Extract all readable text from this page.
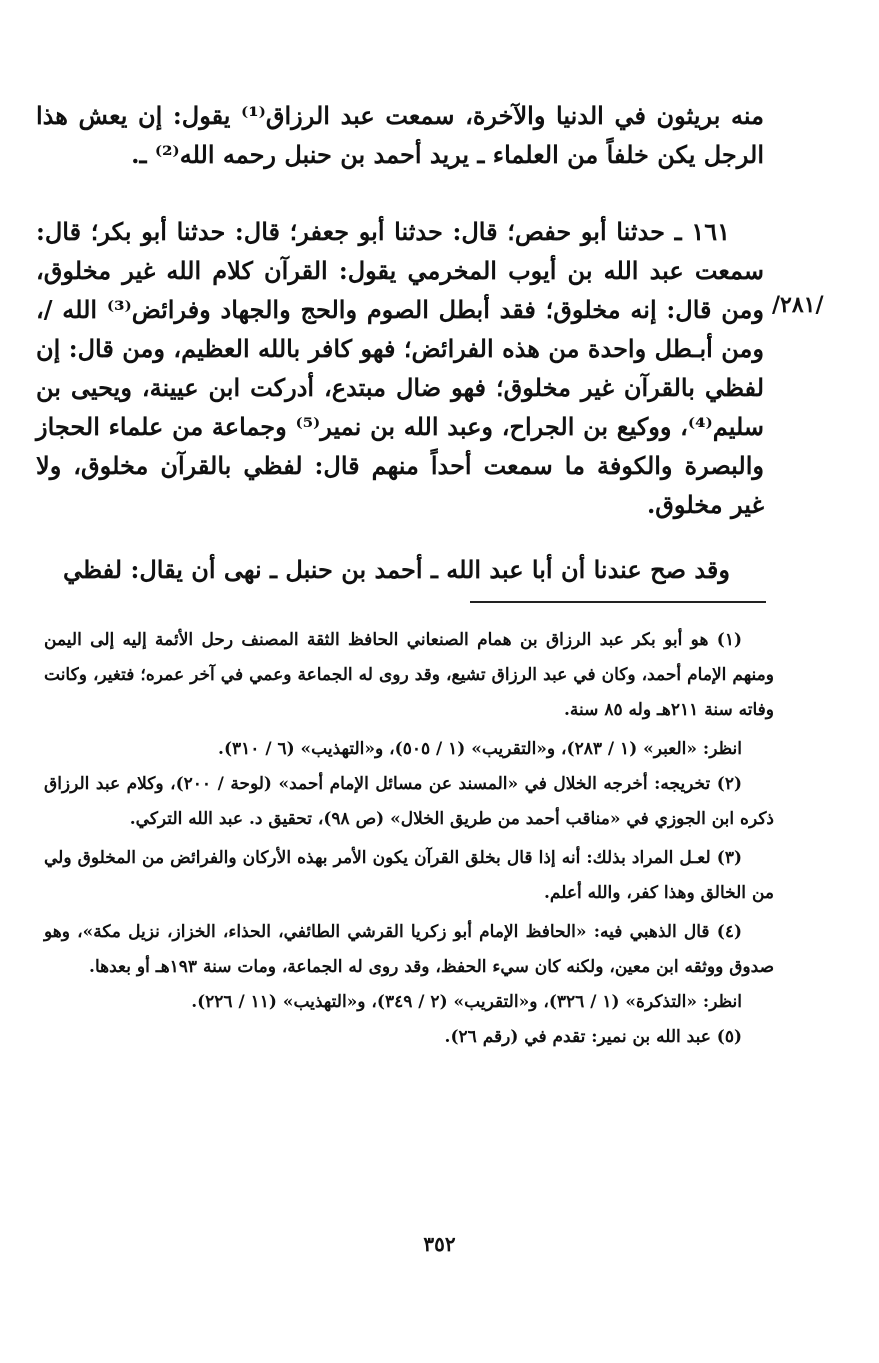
منه بريثون في الدنيا والآخرة، سمعت عبد الرزاق⁽¹⁾ يقول: إن يعش هذا الرجل يكن خلفاً من العلماء ـ يريد أحمد بن حنبل رحمه الله⁽²⁾ ـ.

١٦١ ـ حدثنا أبو حفص؛ قال: حدثنا أبو جعفر؛ قال: حدثنا أبو بكر؛ قال: سمعت عبد الله بن أيوب المخرمي يقول: القرآن كلام الله غير مخلوق، ومن قال: إنه مخلوق؛ فقد أبطل الصوم والحج والجهاد وفرائض⁽³⁾ الله /، ومن أبـطل واحدة من هذه الفرائض؛ فهو كافر بالله العظيم، ومن قال: إن لفظي بالقرآن غير مخلوق؛ فهو ضال مبتدع، أدركت ابن عيينة، ويحيى بن سليم⁽⁴⁾، ووكيع بن الجراح، وعبد الله بن نمير⁽⁵⁾ وجماعة من علماء الحجاز والبصرة والكوفة ما سمعت أحداً منهم قال: لفظي بالقرآن مخلوق، ولا غير مخلوق.

/٢٨١/

وقد صح عندنا أن أبا عبد الله ـ أحمد بن حنبل ـ نهى أن يقال: لفظي

(١) هو أبو بكر عبد الرزاق بن همام الصنعاني الحافظ الثقة المصنف رحل الأئمة إليه إلى اليمن ومنهم الإمام أحمد، وكان في عبد الرزاق تشيع، وقد روى له الجماعة وعمي في آخر عمره؛ فتغير، وكانت وفاته سنة ٢١١هـ وله ٨٥ سنة.

انظر: «العبر» (١ / ٢٨٣)، و«التقريب» (١ / ٥٠٥)، و«التهذيب» (٦ / ٣١٠).

(٢) تخريجه: أخرجه الخلال في «المسند عن مسائل الإمام أحمد» (لوحة / ٢٠٠)، وكلام عبد الرزاق ذكره ابن الجوزي في «مناقب أحمد من طريق الخلال» (ص ٩٨)، تحقيق د. عبد الله التركي.

(٣) لعـل المراد بذلك: أنه إذا قال بخلق القرآن يكون الأمر بهذه الأركان والفرائض من المخلوق ولي من الخالق وهذا كفر، والله أعلم.

(٤) قال الذهبي فيه: «الحافظ الإمام أبو زكريا القرشي الطائفي، الحذاء، الخزاز، نزيل مكة»، وهو صدوق ووثقه ابن معين، ولكنه كان سيء الحفظ، وقد روى له الجماعة، ومات سنة ١٩٣هـ أو بعدها.

انظر: «التذكرة» (١ / ٣٢٦)، و«التقريب» (٢ / ٣٤٩)، و«التهذيب» (١١ / ٢٢٦).

(٥) عبد الله بن نمير: تقدم في (رقم ٢٦).

٣٥٢
